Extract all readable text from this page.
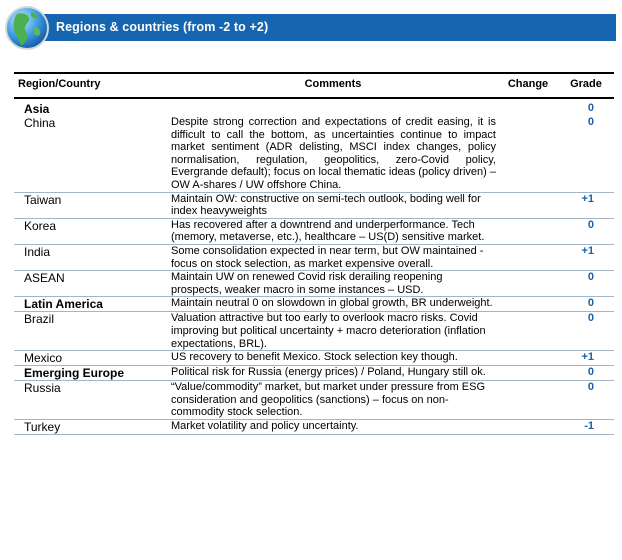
Regions & countries (from -2 to +2)
Region/Country	Comments	Change	Grade
Asia			0
China	Despite strong correction and expectations of credit easing, it is difficult to call the bottom, as uncertainties continue to impact market sentiment (ADR delisting, MSCI index changes, policy normalisation, regulation, geopolitics, zero-Covid policy, Evergrande default); focus on local thematic ideas (policy driven) – OW A-shares / UW offshore China.		0
Taiwan	Maintain OW: constructive on semi-tech outlook, boding well for index heavyweights		+1
Korea	Has recovered after a downtrend and underperformance. Tech (memory, metaverse, etc.), healthcare – US(D) sensitive market.		0
India	Some consolidation expected in near term, but OW maintained - focus on stock selection, as market expensive overall.		+1
ASEAN	Maintain UW on renewed Covid risk derailing reopening prospects, weaker macro in some instances – USD.		0
Latin America	Maintain neutral 0 on slowdown in global growth, BR underweight.		0
Brazil	Valuation attractive but too early to overlook macro risks. Covid improving but political uncertainty + macro deterioration (inflation expectations, BRL).		0
Mexico	US recovery to benefit Mexico. Stock selection key though.		+1
Emerging Europe	Political risk for Russia (energy prices) / Poland, Hungary still ok.		0
Russia	“Value/commodity” market, but market under pressure from ESG consideration and geopolitics (sanctions) – focus on non-commodity stock selection.		0
Turkey	Market volatility and policy uncertainty.		-1
